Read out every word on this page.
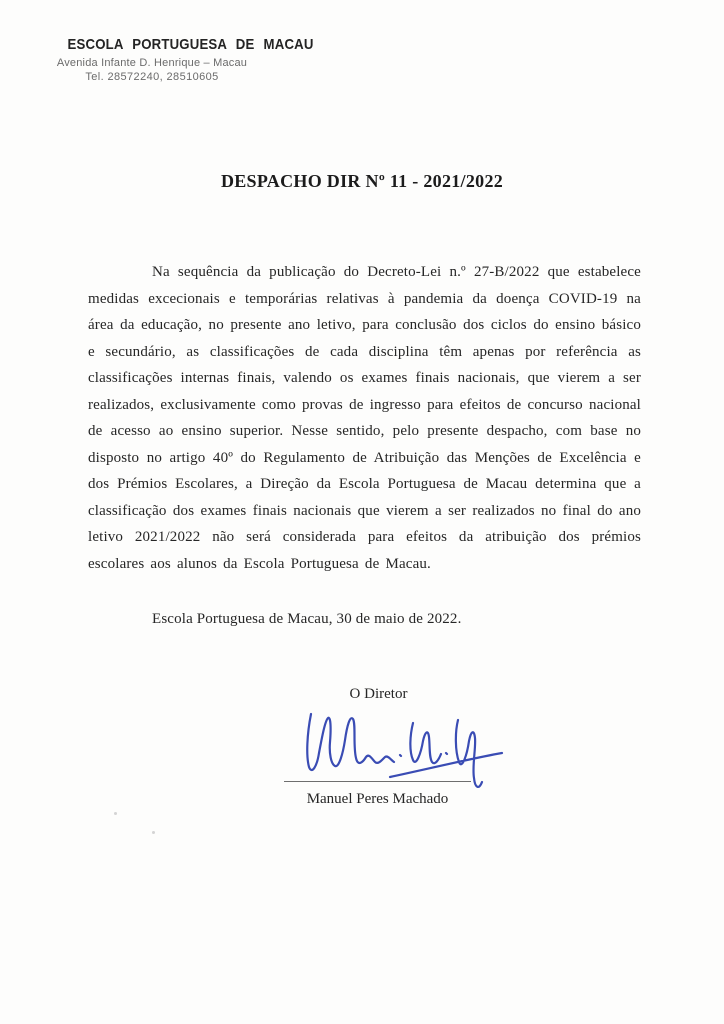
ESCOLA PORTUGUESA DE MACAU
Avenida Infante D. Henrique – Macau
Tel. 28572240, 28510605
DESPACHO DIR Nº 11 - 2021/2022

Na sequência da publicação do Decreto-Lei n.º 27-B/2022 que estabelece medidas excecionais e temporárias relativas à pandemia da doença COVID-19 na área da educação, no presente ano letivo, para conclusão dos ciclos do ensino básico e secundário, as classificações de cada disciplina têm apenas por referência as classificações internas finais, valendo os exames finais nacionais, que vierem a ser realizados, exclusivamente como provas de ingresso para efeitos de concurso nacional de acesso ao ensino superior. Nesse sentido, pelo presente despacho, com base no disposto no artigo 40º do Regulamento de Atribuição das Menções de Excelência e dos Prémios Escolares, a Direção da Escola Portuguesa de Macau determina que a classificação dos exames finais nacionais que vierem a ser realizados no final do ano letivo 2021/2022 não será considerada para efeitos da atribuição dos prémios escolares aos alunos da Escola Portuguesa de Macau.

Escola Portuguesa de Macau, 30 de maio de 2022.

O Diretor
Manuel Peres Machado
